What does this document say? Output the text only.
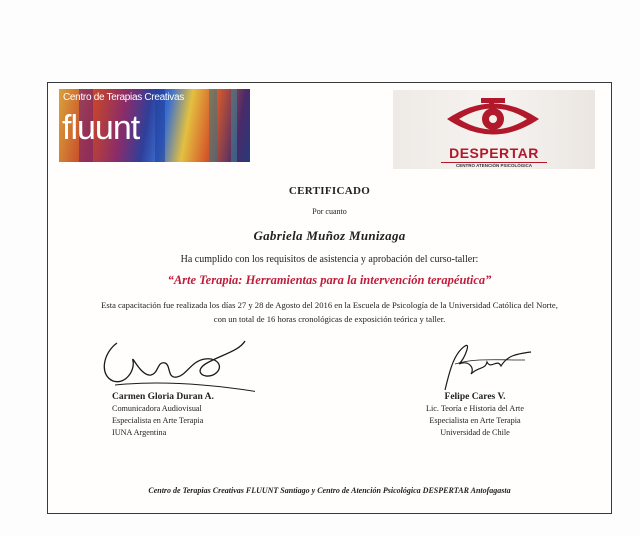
Centro de Terapias Creativas
fluunt
DESPERTAR
CENTRO ATENCIÓN PSICOLÓGICA
CERTIFICADO
Por cuanto
Gabriela Muñoz Munizaga
Ha cumplido con los requisitos de asistencia y aprobación del curso-taller:
“Arte Terapia: Herramientas para la intervención terapéutica”
Esta capacitación fue realizada los días 27 y 28 de Agosto del 2016 en la Escuela de Psicología de la Universidad Católica del Norte,
con un total de 16 horas cronológicas de exposición teórica y taller.
Carmen Gloria Duran A.
Comunicadora Audiovisual
Especialista en Arte Terapia
IUNA Argentina
Felipe Cares V.
Lic. Teoría e Historia del Arte
Especialista en Arte Terapia
Universidad de Chile
Centro de Terapias Creativas FLUUNT Santiago y Centro de Atención Psicológica DESPERTAR Antofagasta
